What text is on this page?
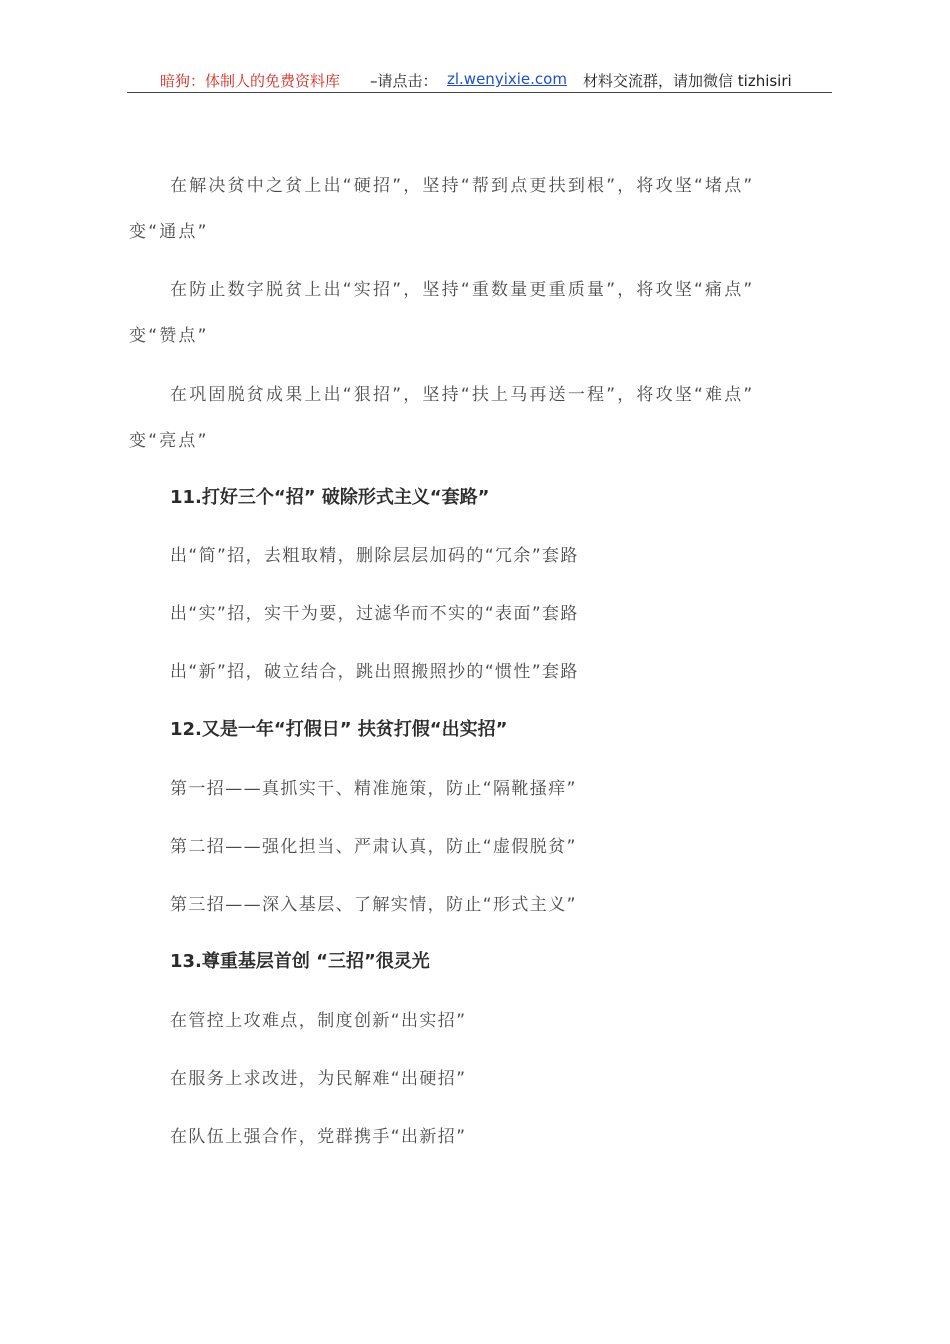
暗狗：体制人的免费资料库 –请点击： zl.wenyixie.com 材料交流群，请加微信 tizhisiri
在解决贫中之贫上出“硬招”，坚持“帮到点更扶到根”，将攻坚“堵点”
变“通点”
在防止数字脱贫上出“实招”，坚持“重数量更重质量”，将攻坚“痛点”
变“赞点”
在巩固脱贫成果上出“狠招”，坚持“扶上马再送一程”，将攻坚“难点”
变“亮点”
11.打好三个“招” 破除形式主义“套路”
出“简”招，去粗取精，删除层层加码的“冗余”套路
出“实”招，实干为要，过滤华而不实的“表面”套路
出“新”招，破立结合，跳出照搬照抄的“惯性”套路
12.又是一年“打假日” 扶贫打假“出实招”
第一招——真抓实干、精准施策，防止“隔靴搔痒”
第二招——强化担当、严肃认真，防止“虚假脱贫”
第三招——深入基层、了解实情，防止“形式主义”
13.尊重基层首创 “三招”很灵光
在管控上攻难点，制度创新“出实招”
在服务上求改进，为民解难“出硬招”
在队伍上强合作，党群携手“出新招”
